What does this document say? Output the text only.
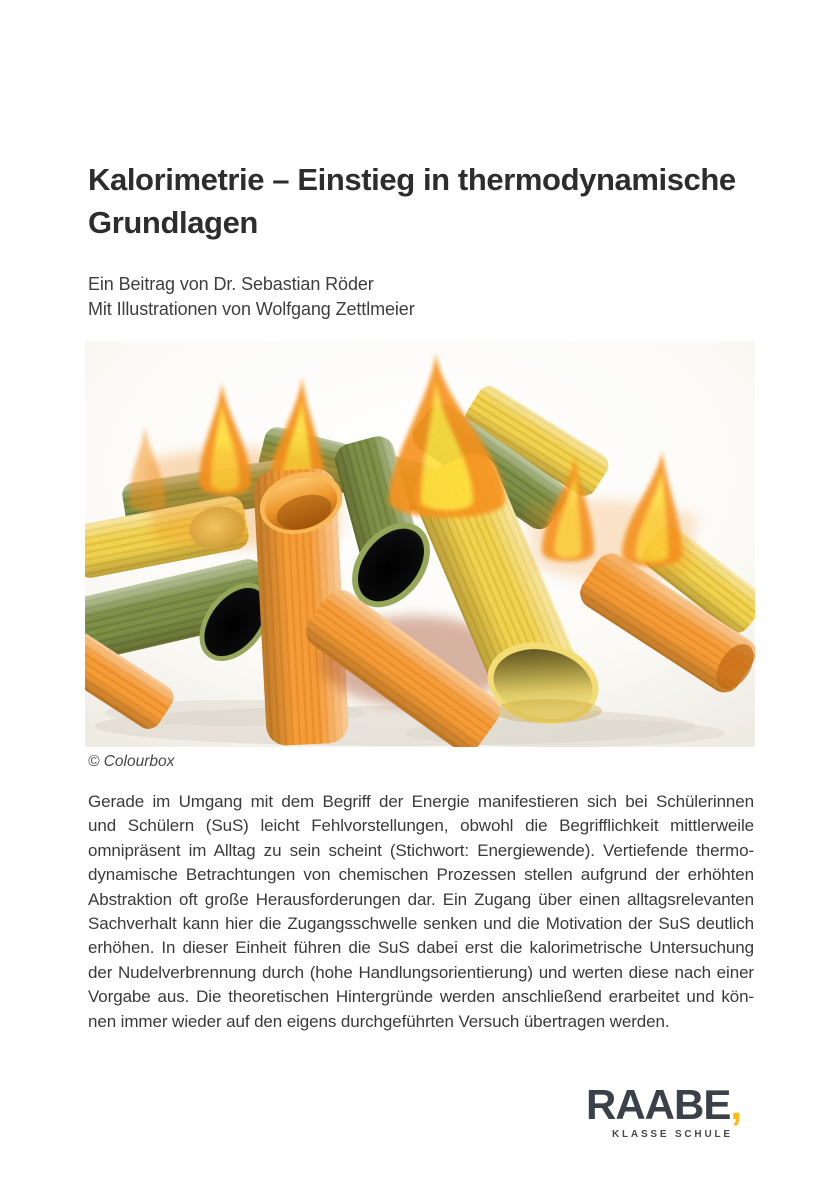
Kalorimetrie – Einstieg in thermodynamische
Grundlagen
Ein Beitrag von Dr. Sebastian Röder
Mit Illustrationen von Wolfgang Zettlmeier
© Colourbox
Gerade im Umgang mit dem Begriff der Energie manifestieren sich bei Schülerinnen
und Schülern (SuS) leicht Fehlvorstellungen, obwohl die Begrifflichkeit mittlerweile
omnipräsent im Alltag zu sein scheint (Stichwort: Energiewende). Vertiefende thermo-
dynamische Betrachtungen von chemischen Prozessen stellen aufgrund der erhöhten
Abstraktion oft große Herausforderungen dar. Ein Zugang über einen alltagsrelevanten
Sachverhalt kann hier die Zugangsschwelle senken und die Motivation der SuS deutlich
erhöhen. In dieser Einheit führen die SuS dabei erst die kalorimetrische Untersuchung
der Nudelverbrennung durch (hohe Handlungsorientierung) und werten diese nach einer
Vorgabe aus. Die theoretischen Hintergründe werden anschließend erarbeitet und kön-
nen immer wieder auf den eigens durchgeführten Versuch übertragen werden.
RAABE,
KLASSE SCHULE
